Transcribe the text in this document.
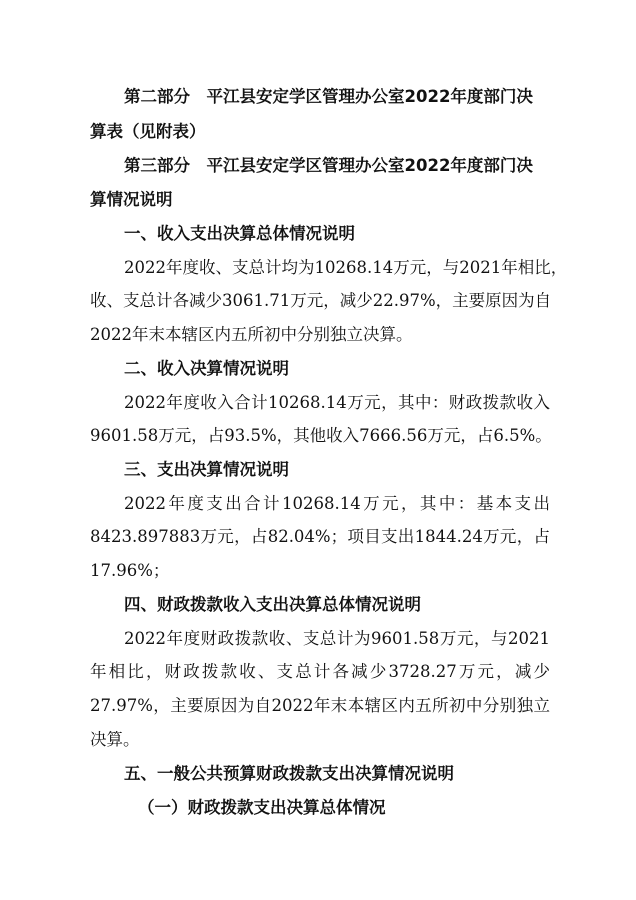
第二部分　平江县安定学区管理办公室2022年度部门决
算表（见附表）
第三部分　平江县安定学区管理办公室2022年度部门决
算情况说明
一、收入支出决算总体情况说明
2022年度收、支总计均为10268.14万元，与2021年相比，
收、支总计各减少3061.71万元，减少22.97%，主要原因为自
2022年末本辖区内五所初中分别独立决算。
二、收入决算情况说明
2022年度收入合计10268.14万元，其中：财政拨款收入
9601.58万元，占93.5%，其他收入7666.56万元，占6.5%。
三、支出决算情况说明
2022年度支出合计10268.14万元，其中：基本支出
8423.897883万元，占82.04%；项目支出1844.24万元，占
17.96%；
四、财政拨款收入支出决算总体情况说明
2022年度财政拨款收、支总计为9601.58万元，与2021
年相比，财政拨款收、支总计各减少3728.27万元，减少
27.97%，主要原因为自2022年末本辖区内五所初中分别独立
决算。
五、一般公共预算财政拨款支出决算情况说明
（一）财政拨款支出决算总体情况
